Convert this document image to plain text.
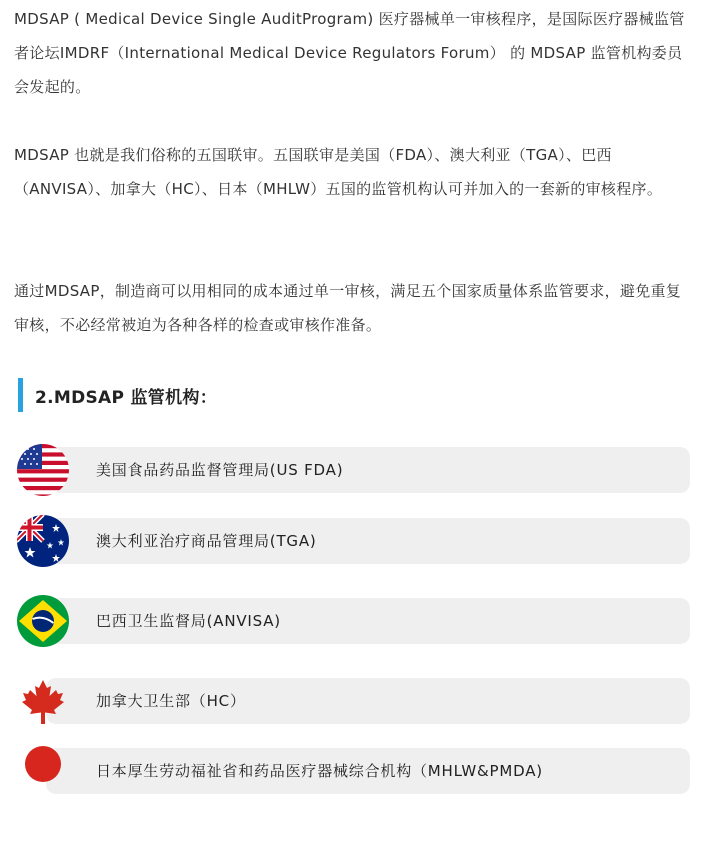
MDSAP ( Medical Device Single AuditProgram) 医疗器械单一审核程序，是国际医疗器械监管者论坛IMDRF（International Medical Device Regulators Forum） 的 MDSAP 监管机构委员会发起的。

MDSAP 也就是我们俗称的五国联审。五国联审是美国（FDA）、澳大利亚（TGA）、巴西（ANVISA）、加拿大（HC）、日本（MHLW）五国的监管机构认可并加入的一套新的审核程序。

通过MDSAP，制造商可以用相同的成本通过单一审核，满足五个国家质量体系监管要求，避免重复审核，不必经常被迫为各种各样的检查或审核作准备。

2.MDSAP 监管机构：
美国食品药品监督管理局(US FDA)
澳大利亚治疗商品管理局(TGA)
巴西卫生监督局(ANVISA)
加拿大卫生部（HC）
日本厚生劳动福祉省和药品医疗器械综合机构（MHLW&PMDA)
